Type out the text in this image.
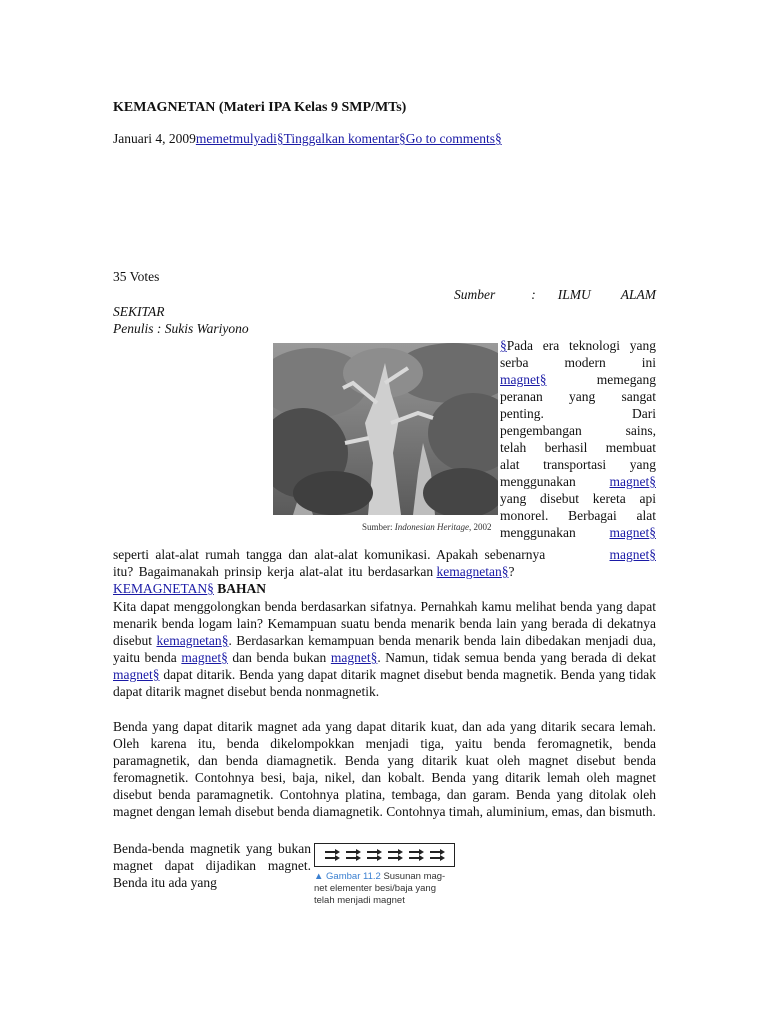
KEMAGNETAN (Materi IPA Kelas 9 SMP/MTs)
Januari 4, 2009memetmulyadi§Tinggalkan komentar§Go to comments§
35 Votes
Sumber	: ILMU ALAM
SEKITAR
Penulis : Sukis Wariyono
Sumber: Indonesian Heritage, 2002
§Pada era teknologi yang
serba modern ini
magnet§	memegang
peranan yang sangat
penting. Dari
pengembangan sains,
telah berhasil membuat
alat transportasi yang
menggunakan	magnet§
yang disebut kereta api
monorel. Berbagai alat
menggunakan	magnet§
seperti alat-alat rumah tangga dan alat-alat komunikasi. Apakah sebenarnya	magnet§
itu? Bagaimanakah prinsip kerja alat-alat itu berdasarkan kemagnetan§?
KEMAGNETAN§ BAHAN
Kita dapat menggolongkan benda berdasarkan sifatnya. Pernahkah kamu melihat benda yang dapat menarik benda logam lain? Kemampuan suatu benda menarik benda lain yang berada di dekatnya disebut kemagnetan§. Berdasarkan kemampuan benda menarik benda lain dibedakan menjadi dua, yaitu benda magnet§ dan benda bukan magnet§. Namun, tidak semua benda yang berada di dekat magnet§ dapat ditarik. Benda yang dapat ditarik magnet disebut benda magnetik. Benda yang tidak dapat ditarik magnet disebut benda nonmagnetik.
Benda yang dapat ditarik magnet ada yang dapat ditarik kuat, dan ada yang ditarik secara lemah. Oleh karena itu, benda dikelompokkan menjadi tiga, yaitu benda feromagnetik, benda paramagnetik, dan benda diamagnetik. Benda yang ditarik kuat oleh magnet disebut benda feromagnetik. Contohnya besi, baja, nikel, dan kobalt. Benda yang ditarik lemah oleh magnet disebut benda paramagnetik. Contohnya platina, tembaga, dan garam. Benda yang ditolak oleh magnet dengan lemah disebut benda diamagnetik. Contohnya timah, aluminium, emas, dan bismuth.
Benda-benda magnetik yang bukan magnet dapat dijadikan magnet. Benda itu ada yang	▲ Gambar 11.2 Susunan mag-
net elementer besi/baja yang
telah menjadi magnet
